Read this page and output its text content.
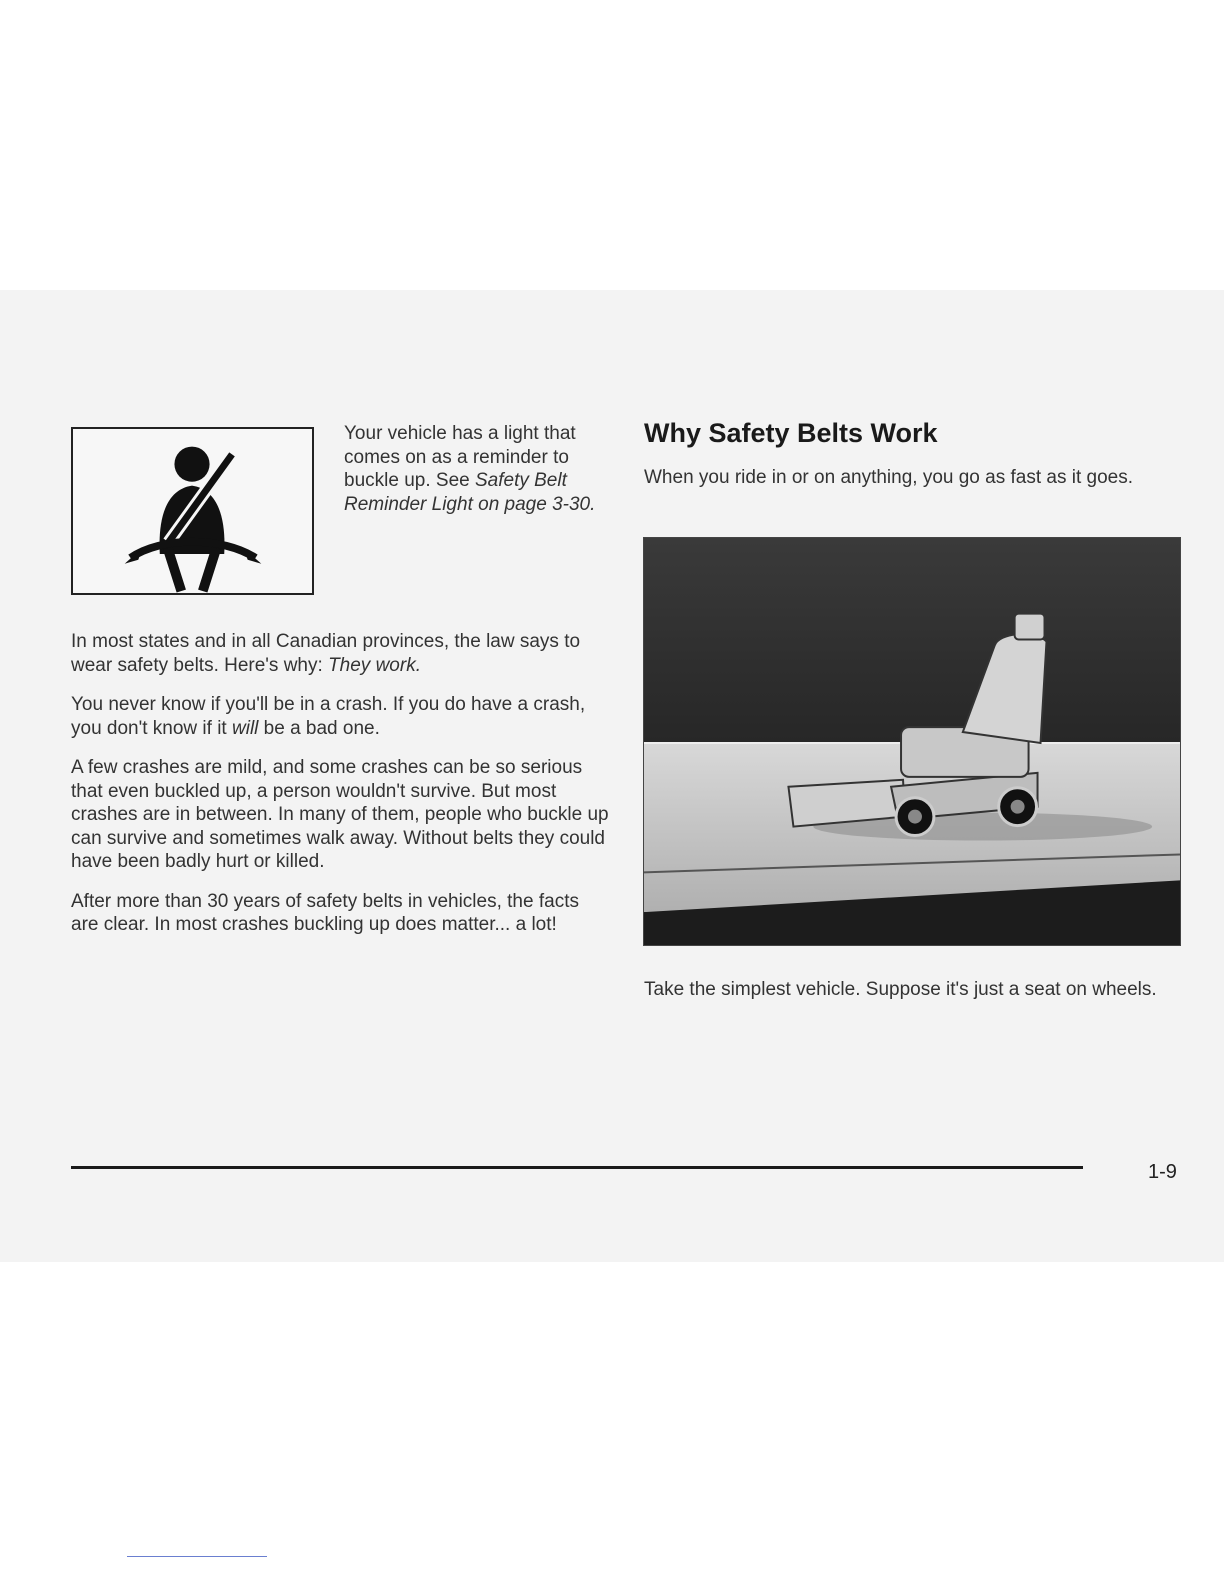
Your vehicle has a light that comes on as a reminder to buckle up. See Safety Belt Reminder Light on page 3-30.

In most states and in all Canadian provinces, the law says to wear safety belts. Here's why: They work.

You never know if you'll be in a crash. If you do have a crash, you don't know if it will be a bad one.

A few crashes are mild, and some crashes can be so serious that even buckled up, a person wouldn't survive. But most crashes are in between. In many of them, people who buckle up can survive and sometimes walk away. Without belts they could have been badly hurt or killed.

After more than 30 years of safety belts in vehicles, the facts are clear. In most crashes buckling up does matter... a lot!

Why Safety Belts Work

When you ride in or on anything, you go as fast as it goes.

Take the simplest vehicle. Suppose it's just a seat on wheels.

1-9
